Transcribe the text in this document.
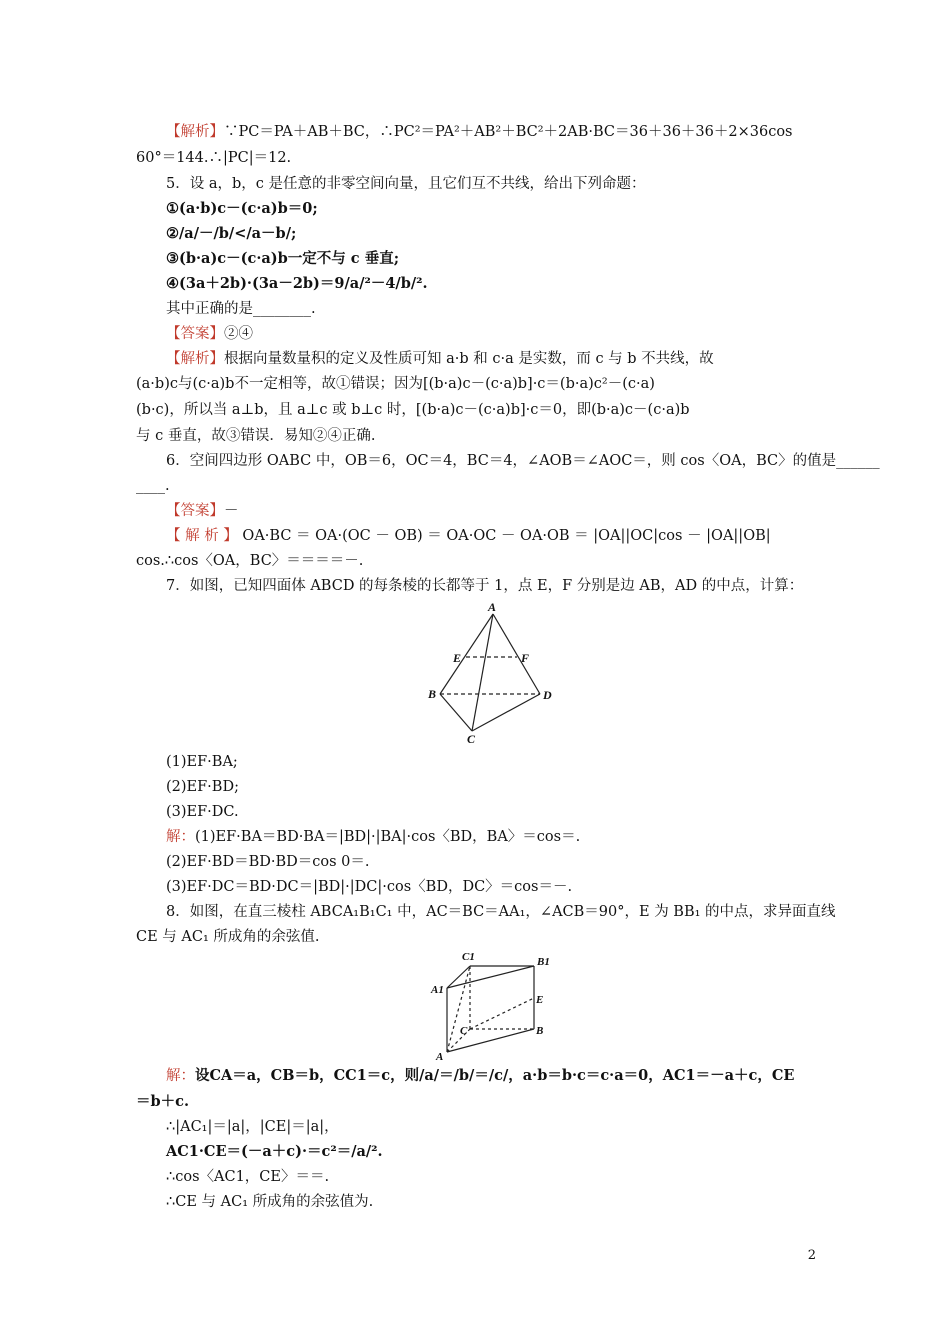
【解析】∵PC＝PA＋AB＋BC，∴PC²＝PA²＋AB²＋BC²＋2AB·BC＝36＋36＋36＋2×36cos
60°＝144.∴|PC|＝12.
5．设 a，b，c 是任意的非零空间向量，且它们互不共线，给出下列命题：
①(a·b)c－(c·a)b＝0;
②/a/－/b/</a－b/;
③(b·a)c－(c·a)b一定不与 c 垂直;
④(3a＋2b)·(3a－2b)＝9/a/²－4/b/².
其中正确的是________.
【答案】②④
【解析】根据向量数量积的定义及性质可知 a·b 和 c·a 是实数，而 c 与 b 不共线，故
(a·b)c与(c·a)b不一定相等，故①错误；因为[(b·a)c－(c·a)b]·c＝(b·a)c²－(c·a)
(b·c)，所以当 a⊥b，且 a⊥c 或 b⊥c 时，[(b·a)c－(c·a)b]·c＝0，即(b·a)c－(c·a)b
与 c 垂直，故③错误．易知②④正确.
6．空间四边形 OABC 中，OB＝6，OC＝4，BC＝4，∠AOB＝∠AOC＝，则 cos〈OA，BC〉的值是______
____.
【答案】－
【 解 析 】 OA·BC ＝ OA·(OC － OB) ＝ OA·OC － OA·OB ＝ |OA||OC|cos － |OA||OB|
cos.∴cos〈OA，BC〉＝＝＝＝－.
7．如图，已知四面体 ABCD 的每条棱的长都等于 1，点 E，F 分别是边 AB，AD 的中点，计算：
A
E	F
B	D
C
(1)EF·BA;
(2)EF·BD;
(3)EF·DC.
解：(1)EF·BA＝BD·BA＝|BD|·|BA|·cos〈BD，BA〉＝cos＝.
(2)EF·BD＝BD·BD＝cos 0＝.
(3)EF·DC＝BD·DC＝|BD|·|DC|·cos〈BD，DC〉＝cos＝－.
8．如图，在直三棱柱 ABCA₁B₁C₁ 中，AC＝BC＝AA₁，∠ACB＝90°，E 为 BB₁ 的中点，求异面直线
CE 与 AC₁ 所成角的余弦值.
C1	B1
A1
E
C	B
A
解：设CA＝a，CB＝b，CC1＝c，则/a/＝/b/＝/c/，a·b＝b·c＝c·a＝0，AC1＝－a＋c，CE
＝b＋c.
∴|AC₁|＝|a|，|CE|＝|a|，
AC1·CE＝(－a＋c)·＝c²＝/a/².
∴cos〈AC1，CE〉＝＝.
∴CE 与 AC₁ 所成角的余弦值为.
2
